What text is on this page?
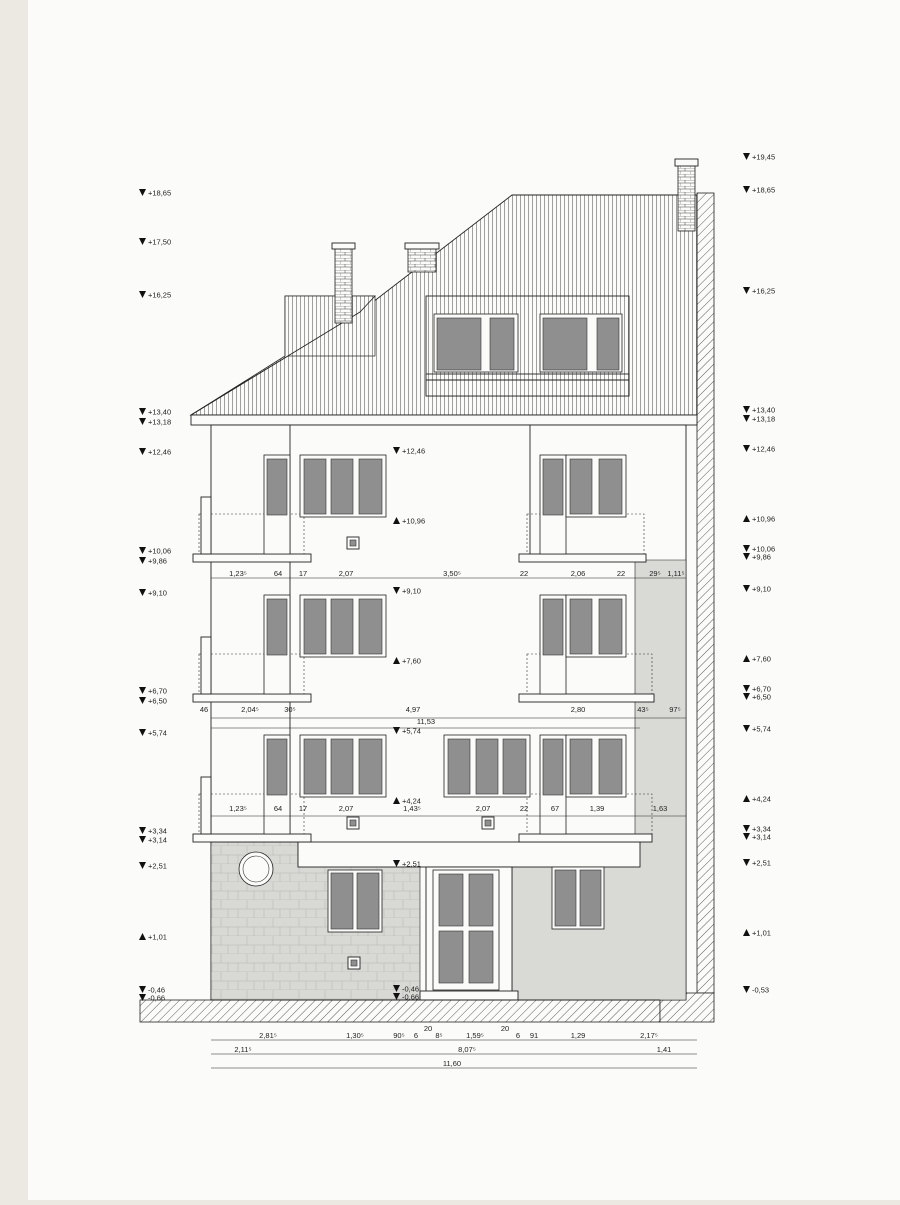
+18,65
+17,50
+16,25
+13,40
+13,18
+12,46
+10,06
+9,86
+9,10
+6,70
+6,50
+5,74
+3,34
+3,14
+2,51
+1,01
-0,46
-0,66
+19,45
+18,65
+16,25
+13,40
+13,18
+12,46
+10,96
+10,06
+9,86
+9,10
+7,60
+6,70
+6,50
+5,74
+4,24
+3,34
+3,14
+2,51
+1,01
-0,53
+12,46
+10,96
+9,10
+7,60
+5,74
+4,24
+2,51
-0,46
-0,66
1,23⁵	64 17	2,07	3,50⁵	22	2,06	22	29⁵ 1,11⁵
46	2,04⁵	30⁵	4,97	2,80	43⁵	97⁵
11,53
1,23⁵	64 17	2,07	1,43⁵	2,07	22	67	1,39	1,63
2,81⁵	1,30⁵	90⁵ 6 8⁵	1,59⁵	6 91	1,29	2,17⁵
20	20
2,11⁵	8,07⁵	1,41
11,60
